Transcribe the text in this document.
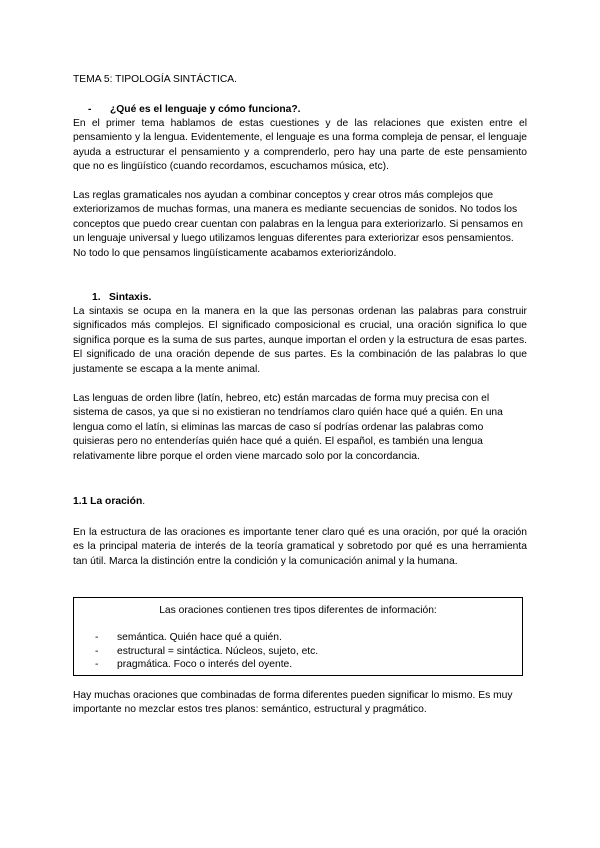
TEMA 5: TIPOLOGÍA SINTÁCTICA.

- ¿Qué es el lenguaje y cómo funciona?.

En el primer tema hablamos de estas cuestiones y de las relaciones que existen entre el pensamiento y la lengua. Evidentemente, el lenguaje es una forma compleja de pensar, el lenguaje ayuda a estructurar el pensamiento y a comprenderlo, pero hay una parte de este pensamiento que no es lingüístico (cuando recordamos, escuchamos música, etc).

Las reglas gramaticales nos ayudan a combinar conceptos y crear otros más complejos que exteriorizamos de muchas formas, una manera es mediante secuencias de sonidos. No todos los conceptos que puedo crear cuentan con palabras en la lengua para exteriorizarlo. Si pensamos en un lenguaje universal y luego utilizamos lenguas diferentes para exteriorizar esos pensamientos. No todo lo que pensamos lingüísticamente acabamos exteriorizándolo.

1. Sintaxis.

La sintaxis se ocupa en la manera en la que las personas ordenan las palabras para construir significados más complejos. El significado composicional es crucial, una oración significa lo que significa porque es la suma de sus partes, aunque importan el orden y la estructura de esas partes. El significado de una oración depende de sus partes. Es la combinación de las palabras lo que justamente se escapa a la mente animal.

Las lenguas de orden libre (latín, hebreo, etc) están marcadas de forma muy precisa con el sistema de casos, ya que si no existieran no tendríamos claro quién hace qué a quién. En una lengua como el latín, si eliminas las marcas de caso sí podrías ordenar las palabras como quisieras pero no entenderías quién hace qué a quién. El español, es también una lengua relativamente libre porque el orden viene marcado solo por la concordancia.

1.1 La oración.

En la estructura de las oraciones es importante tener claro qué es una oración, por qué la oración es la principal materia de interés de la teoría gramatical y sobretodo por qué es una herramienta tan útil. Marca la distinción entre la condición y la comunicación animal y la humana.

Las oraciones contienen tres tipos diferentes de información:
- semántica. Quién hace qué a quién.
- estructural = sintáctica. Núcleos, sujeto, etc.
- pragmática. Foco o interés del oyente.

Hay muchas oraciones que combinadas de forma diferentes pueden significar lo mismo. Es muy importante no mezclar estos tres planos: semántico, estructural y pragmático.
